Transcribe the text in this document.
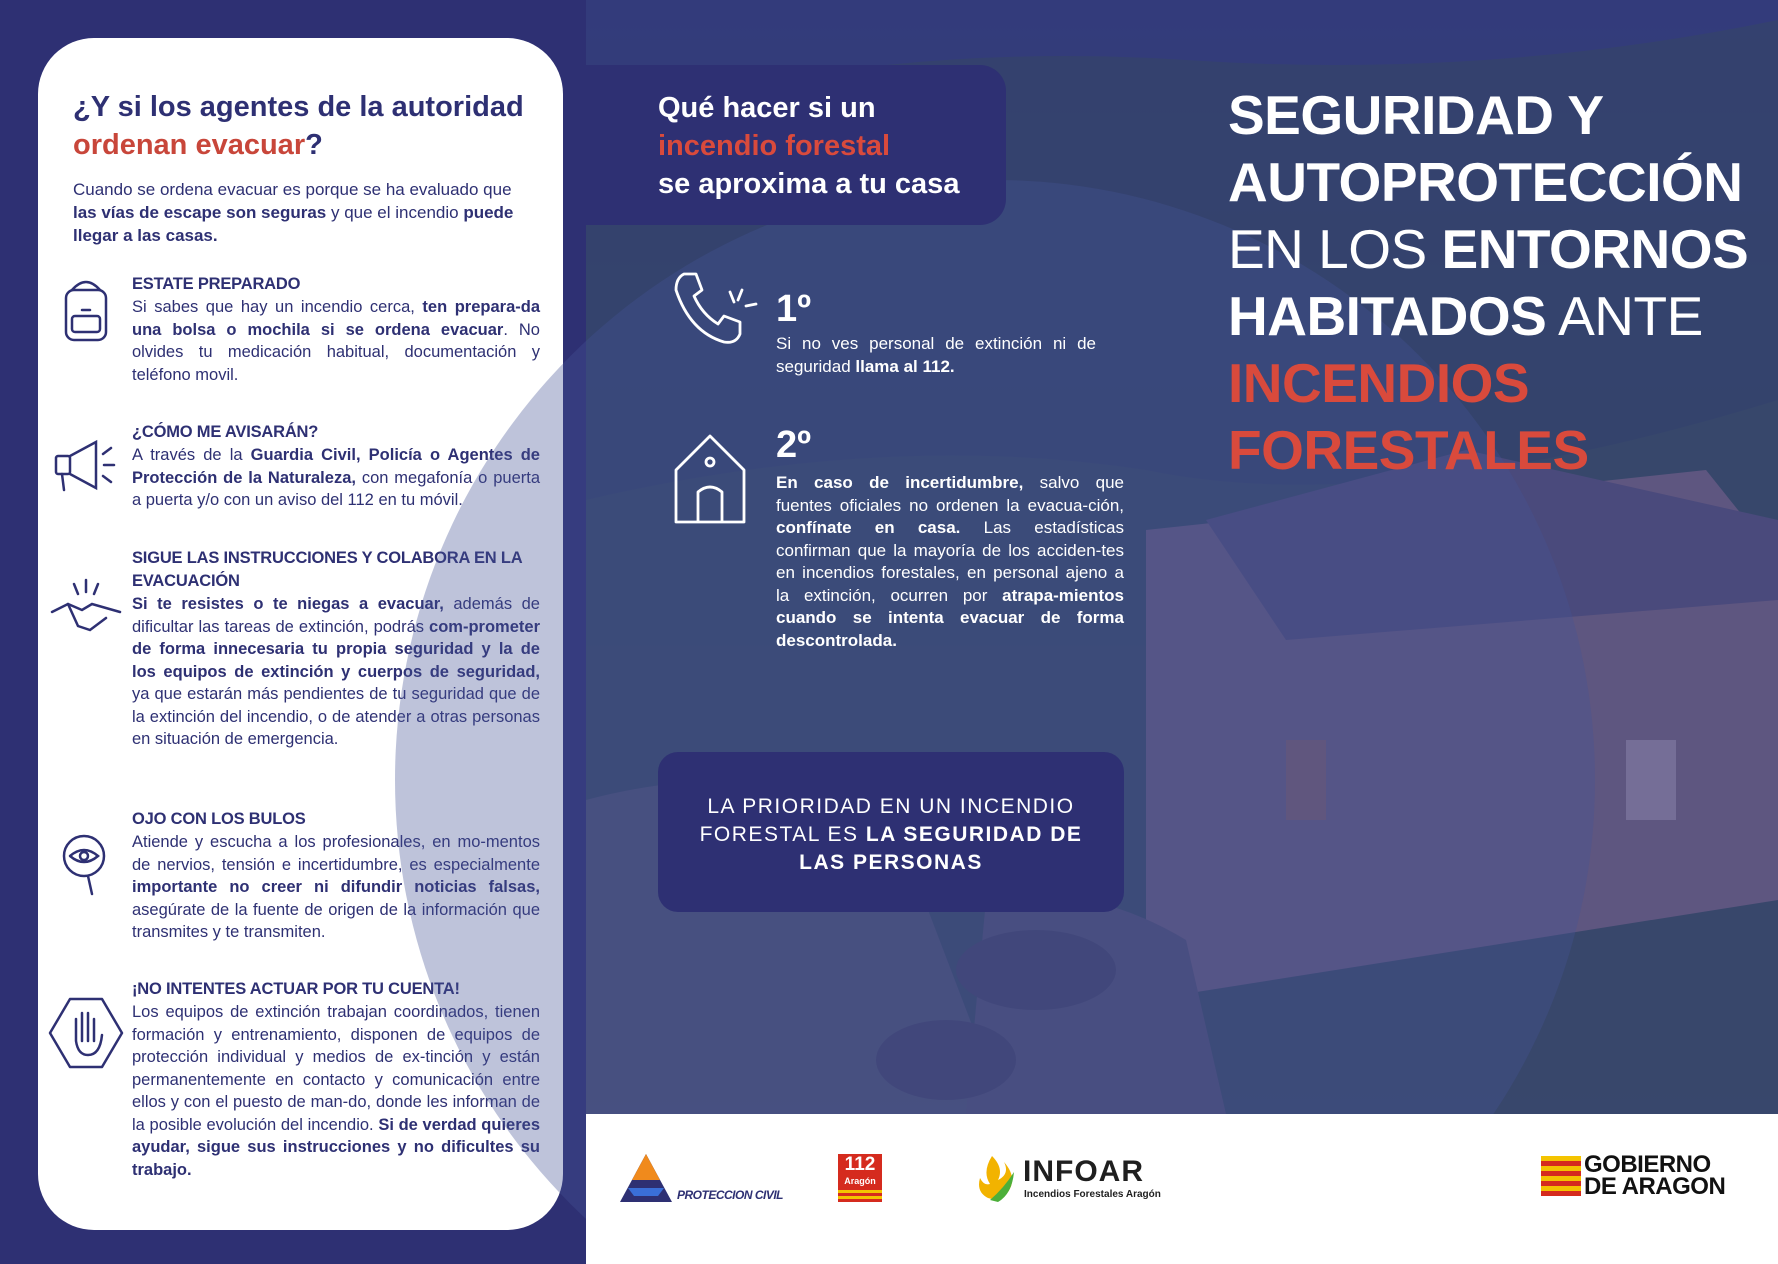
¿Y si los agentes de la autoridad ordenan evacuar?
Cuando se ordena evacuar es porque se ha evaluado que las vías de escape son seguras y que el incendio puede llegar a las casas.
ESTATE PREPARADO
Si sabes que hay un incendio cerca, ten prepara-da una bolsa o mochila si se ordena evacuar. No olvides tu medicación habitual, documentación y teléfono movil.
¿CÓMO ME AVISARÁN?
A través de la Guardia Civil, Policía o Agentes de Protección de la Naturaleza, con megafonía o puerta a puerta y/o con un aviso del 112 en tu móvil.
SIGUE LAS INSTRUCCIONES Y COLABORA EN LA EVACUACIÓN
Si te resistes o te niegas a evacuar, además de dificultar las tareas de extinción, podrás com-prometer de forma innecesaria tu propia seguridad y la de los equipos de extinción y cuerpos de seguridad, ya que estarán más pendientes de tu seguridad que de la extinción del incendio, o de atender a otras personas en situación de emergencia.
OJO CON LOS BULOS
Atiende y escucha a los profesionales, en mo-mentos de nervios, tensión e incertidumbre, es especialmente importante no creer ni difundir noticias falsas, asegúrate de la fuente de origen de la información que transmites y te transmiten.
¡NO INTENTES ACTUAR POR TU CUENTA!
Los equipos de extinción trabajan coordinados, tienen formación y entrenamiento, disponen de equipos de protección individual y medios de ex-tinción y están permanentemente en contacto y comunicación entre ellos y con el puesto de man-do, donde les informan de la posible evolución del incendio. Si de verdad quieres ayudar, sigue sus instrucciones y no dificultes su trabajo.
Qué hacer si un
incendio forestal
se aproxima a tu casa
1º
Si no ves personal de extinción ni de seguridad llama al 112.
2º
En caso de incertidumbre, salvo que fuentes oficiales no ordenen la evacua-ción, confínate en casa. Las estadísticas confirman que la mayoría de los acciden-tes en incendios forestales, en personal ajeno a la extinción, ocurren por atrapa-mientos cuando se intenta evacuar de forma descontrolada.
LA PRIORIDAD EN UN INCENDIO FORESTAL ES LA SEGURIDAD DE LAS PERSONAS
SEGURIDAD Y
AUTOPROTECCIÓN
EN LOS ENTORNOS
HABITADOS ANTE
INCENDIOS
FORESTALES
PROTECCION CIVIL
112
Aragón	INFOAR
Incendios Forestales Aragón
GOBIERNO
DE ARAGON
